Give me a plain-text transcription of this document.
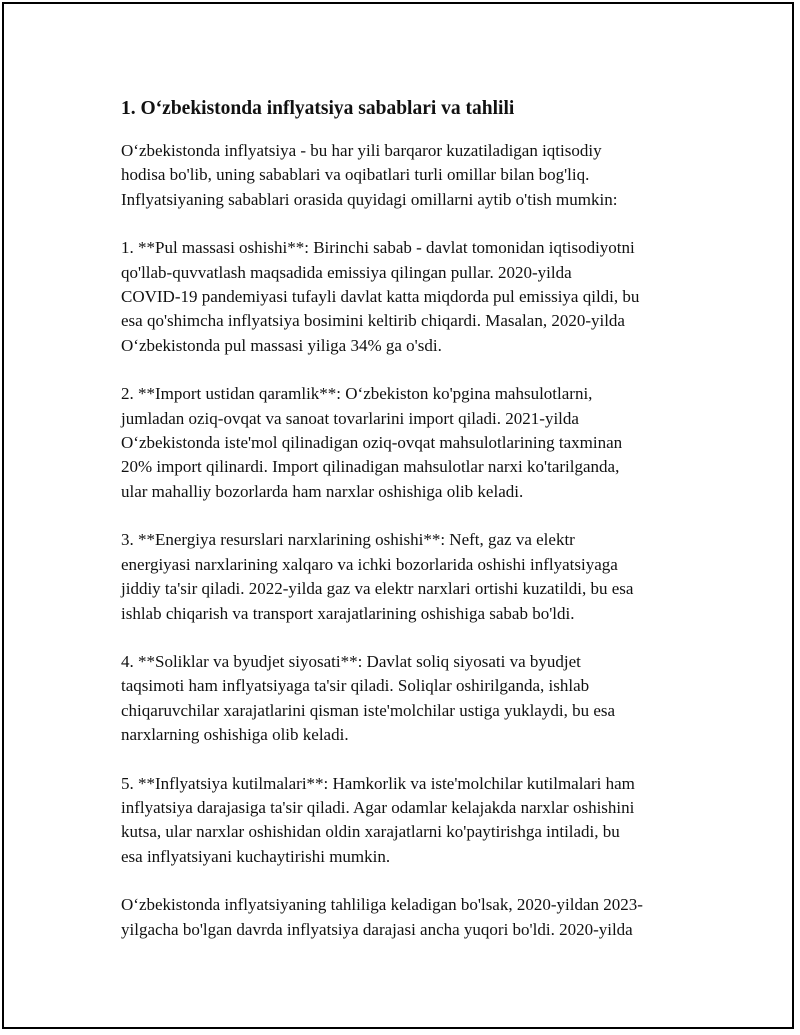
1. O‘zbekistonda inflyatsiya sabablari va tahlili

O‘zbekistonda inflyatsiya - bu har yili barqaror kuzatiladigan iqtisodiy
hodisa bo'lib, uning sabablari va oqibatlari turli omillar bilan bog'liq.
Inflyatsiyaning sabablari orasida quyidagi omillarni aytib o'tish mumkin:

1. **Pul massasi oshishi**: Birinchi sabab - davlat tomonidan iqtisodiyotni
qo'llab-quvvatlash maqsadida emissiya qilingan pullar. 2020-yilda
COVID-19 pandemiyasi tufayli davlat katta miqdorda pul emissiya qildi, bu
esa qo'shimcha inflyatsiya bosimini keltirib chiqardi. Masalan, 2020-yilda
O‘zbekistonda pul massasi yiliga 34% ga o'sdi.

2. **Import ustidan qaramlik**: O‘zbekiston ko'pgina mahsulotlarni,
jumladan oziq-ovqat va sanoat tovarlarini import qiladi. 2021-yilda
O‘zbekistonda iste'mol qilinadigan oziq-ovqat mahsulotlarining taxminan
20% import qilinardi. Import qilinadigan mahsulotlar narxi ko'tarilganda,
ular mahalliy bozorlarda ham narxlar oshishiga olib keladi.

3. **Energiya resurslari narxlarining oshishi**: Neft, gaz va elektr
energiyasi narxlarining xalqaro va ichki bozorlarida oshishi inflyatsiyaga
jiddiy ta'sir qiladi. 2022-yilda gaz va elektr narxlari ortishi kuzatildi, bu esa
ishlab chiqarish va transport xarajatlarining oshishiga sabab bo'ldi.

4. **Soliklar va byudjet siyosati**: Davlat soliq siyosati va byudjet
taqsimoti ham inflyatsiyaga ta'sir qiladi. Soliqlar oshirilganda, ishlab
chiqaruvchilar xarajatlarini qisman iste'molchilar ustiga yuklaydi, bu esa
narxlarning oshishiga olib keladi.

5. **Inflyatsiya kutilmalari**: Hamkorlik va iste'molchilar kutilmalari ham
inflyatsiya darajasiga ta'sir qiladi. Agar odamlar kelajakda narxlar oshishini
kutsa, ular narxlar oshishidan oldin xarajatlarni ko'paytirishga intiladi, bu
esa inflyatsiyani kuchaytirishi mumkin.

O‘zbekistonda inflyatsiyaning tahliliga keladigan bo'lsak, 2020-yildan 2023-
yilgacha bo'lgan davrda inflyatsiya darajasi ancha yuqori bo'ldi. 2020-yilda
